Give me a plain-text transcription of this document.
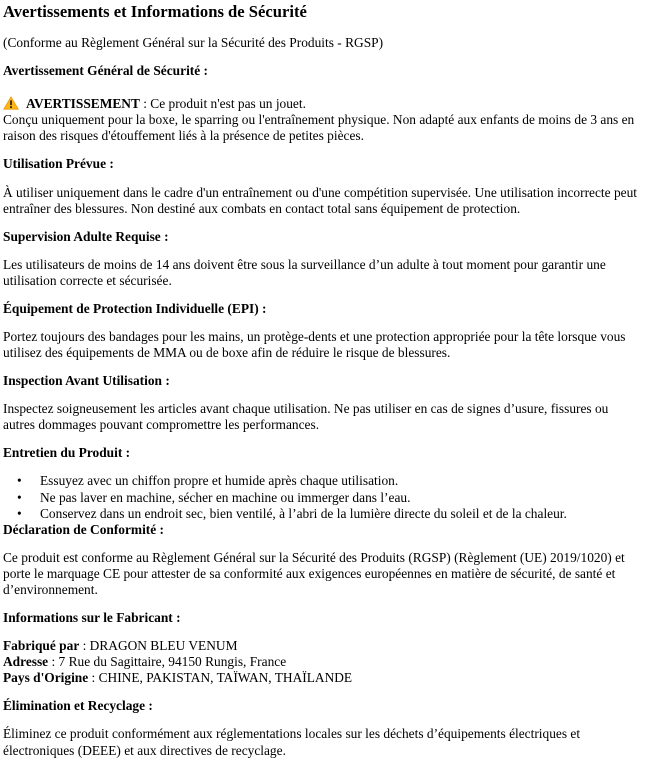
Avertissements et Informations de Sécurité

(Conforme au Règlement Général sur la Sécurité des Produits - RGSP)

Avertissement Général de Sécurité :

AVERTISSEMENT : Ce produit n'est pas un jouet.
Conçu uniquement pour la boxe, le sparring ou l'entraînement physique. Non adapté aux enfants de moins de 3 ans en raison des risques d'étouffement liés à la présence de petites pièces.

Utilisation Prévue :

À utiliser uniquement dans le cadre d'un entraînement ou d'une compétition supervisée. Une utilisation incorrecte peut entraîner des blessures. Non destiné aux combats en contact total sans équipement de protection.

Supervision Adulte Requise :

Les utilisateurs de moins de 14 ans doivent être sous la surveillance d’un adulte à tout moment pour garantir une utilisation correcte et sécurisée.

Équipement de Protection Individuelle (EPI) :

Portez toujours des bandages pour les mains, un protège-dents et une protection appropriée pour la tête lorsque vous utilisez des équipements de MMA ou de boxe afin de réduire le risque de blessures.

Inspection Avant Utilisation :

Inspectez soigneusement les articles avant chaque utilisation. Ne pas utiliser en cas de signes d’usure, fissures ou autres dommages pouvant compromettre les performances.

Entretien du Produit :
• Essuyez avec un chiffon propre et humide après chaque utilisation.
• Ne pas laver en machine, sécher en machine ou immerger dans l’eau.
• Conservez dans un endroit sec, bien ventilé, à l’abri de la lumière directe du soleil et de la chaleur.
Déclaration de Conformité :

Ce produit est conforme au Règlement Général sur la Sécurité des Produits (RGSP) (Règlement (UE) 2019/1020) et porte le marquage CE pour attester de sa conformité aux exigences européennes en matière de sécurité, de santé et d’environnement.

Informations sur le Fabricant :

Fabriqué par : DRAGON BLEU VENUM
Adresse : 7 Rue du Sagittaire, 94150 Rungis, France
Pays d'Origine : CHINE, PAKISTAN, TAÏWAN, THAÏLANDE

Élimination et Recyclage :

Éliminez ce produit conformément aux réglementations locales sur les déchets d’équipements électriques et électroniques (DEEE) et aux directives de recyclage.
